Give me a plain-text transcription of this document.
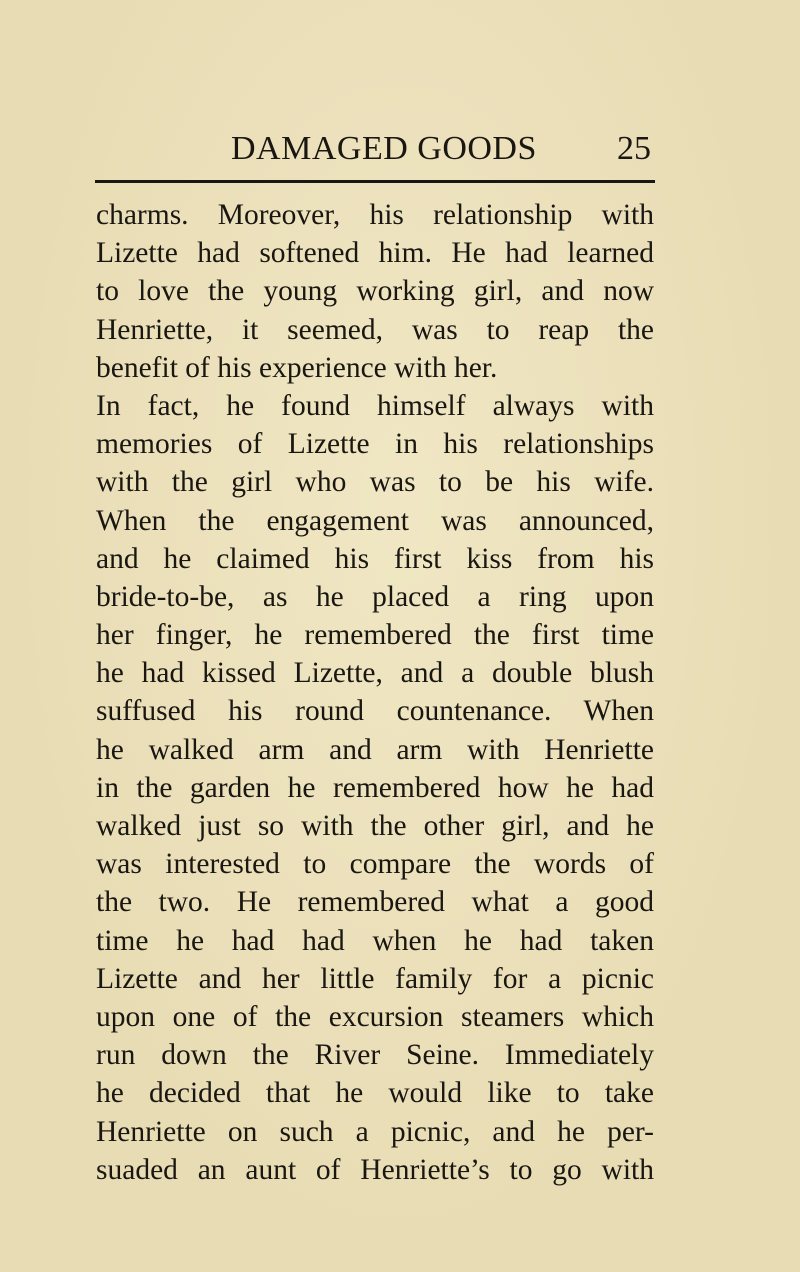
DAMAGED GOODS 25
charms. Moreover, his relationship with
Lizette had softened him. He had learned
to love the young working girl, and now
Henriette, it seemed, was to reap the
benefit of his experience with her.
In fact, he found himself always with
memories of Lizette in his relationships
with the girl who was to be his wife.
When the engagement was announced,
and he claimed his first kiss from his
bride-to-be, as he placed a ring upon
her finger, he remembered the first time
he had kissed Lizette, and a double blush
suffused his round countenance. When
he walked arm and arm with Henriette
in the garden he remembered how he had
walked just so with the other girl, and he
was interested to compare the words of
the two. He remembered what a good
time he had had when he had taken
Lizette and her little family for a picnic
upon one of the excursion steamers which
run down the River Seine. Immediately
he decided that he would like to take
Henriette on such a picnic, and he per-
suaded an aunt of Henriette’s to go with
